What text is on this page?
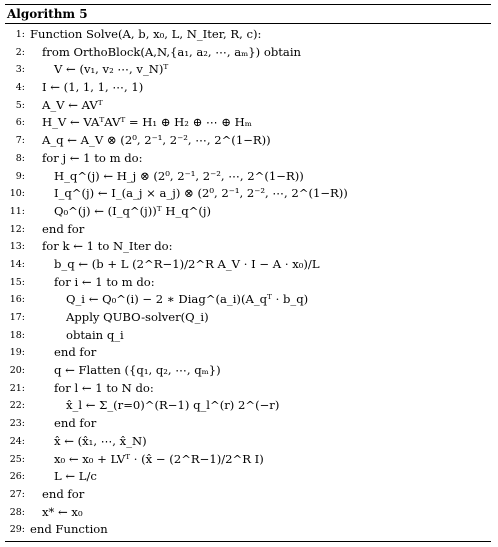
Algorithm 5
1: Function Solve(A, b, x₀, L, N_Iter, R, c):
2:	from OrthoBlock(A,N,{a₁, a₂, ⋯, aₘ}) obtain
3:	V ← (v₁, v₂ ⋯, v_N)ᵀ
4:	I ← (1, 1, 1, ⋯, 1)
5:	A_V ← AVᵀ
6:	H_V ← VAᵀAVᵀ = H₁ ⊕ H₂ ⊕ ⋯ ⊕ Hₘ
7:	A_q ← A_V ⊗ (2⁰, 2⁻¹, 2⁻², ⋯, 2^(1−R))
8:	for j ← 1 to m do:
9:	H_q^(j) ← H_j ⊗ (2⁰, 2⁻¹, 2⁻², ⋯, 2^(1−R))
10:	I_q^(j) ← I_(a_j × a_j) ⊗ (2⁰, 2⁻¹, 2⁻², ⋯, 2^(1−R))
11:	Q₀^(j) ← (I_q^(j))ᵀ H_q^(j)
12:	end for
13:	for k ← 1 to N_Iter do:
14:	b_q ← (b + L (2^R−1)/2^R A_V · I − A · x₀)/L
15:	for i ← 1 to m do:
16:	Q_i ← Q₀^(i) − 2 ∗ Diag^(a_i)(A_qᵀ · b_q)
17:	Apply QUBO-solver(Q_i)
18:	obtain q_i
19:	end for
20:	q ← Flatten ({q₁, q₂, ⋯, qₘ})
21:	for l ← 1 to N do:
22:	x̂_l ← Σ_(r=0)^(R−1) q_l^(r) 2^(−r)
23:	end for
24:	x̂ ← (x̂₁, ⋯, x̂_N)
25:	x₀ ← x₀ + LVᵀ · (x̂ − (2^R−1)/2^R I)
26:	L ← L/c
27:	end for
28:	x* ← x₀
29: end Function
